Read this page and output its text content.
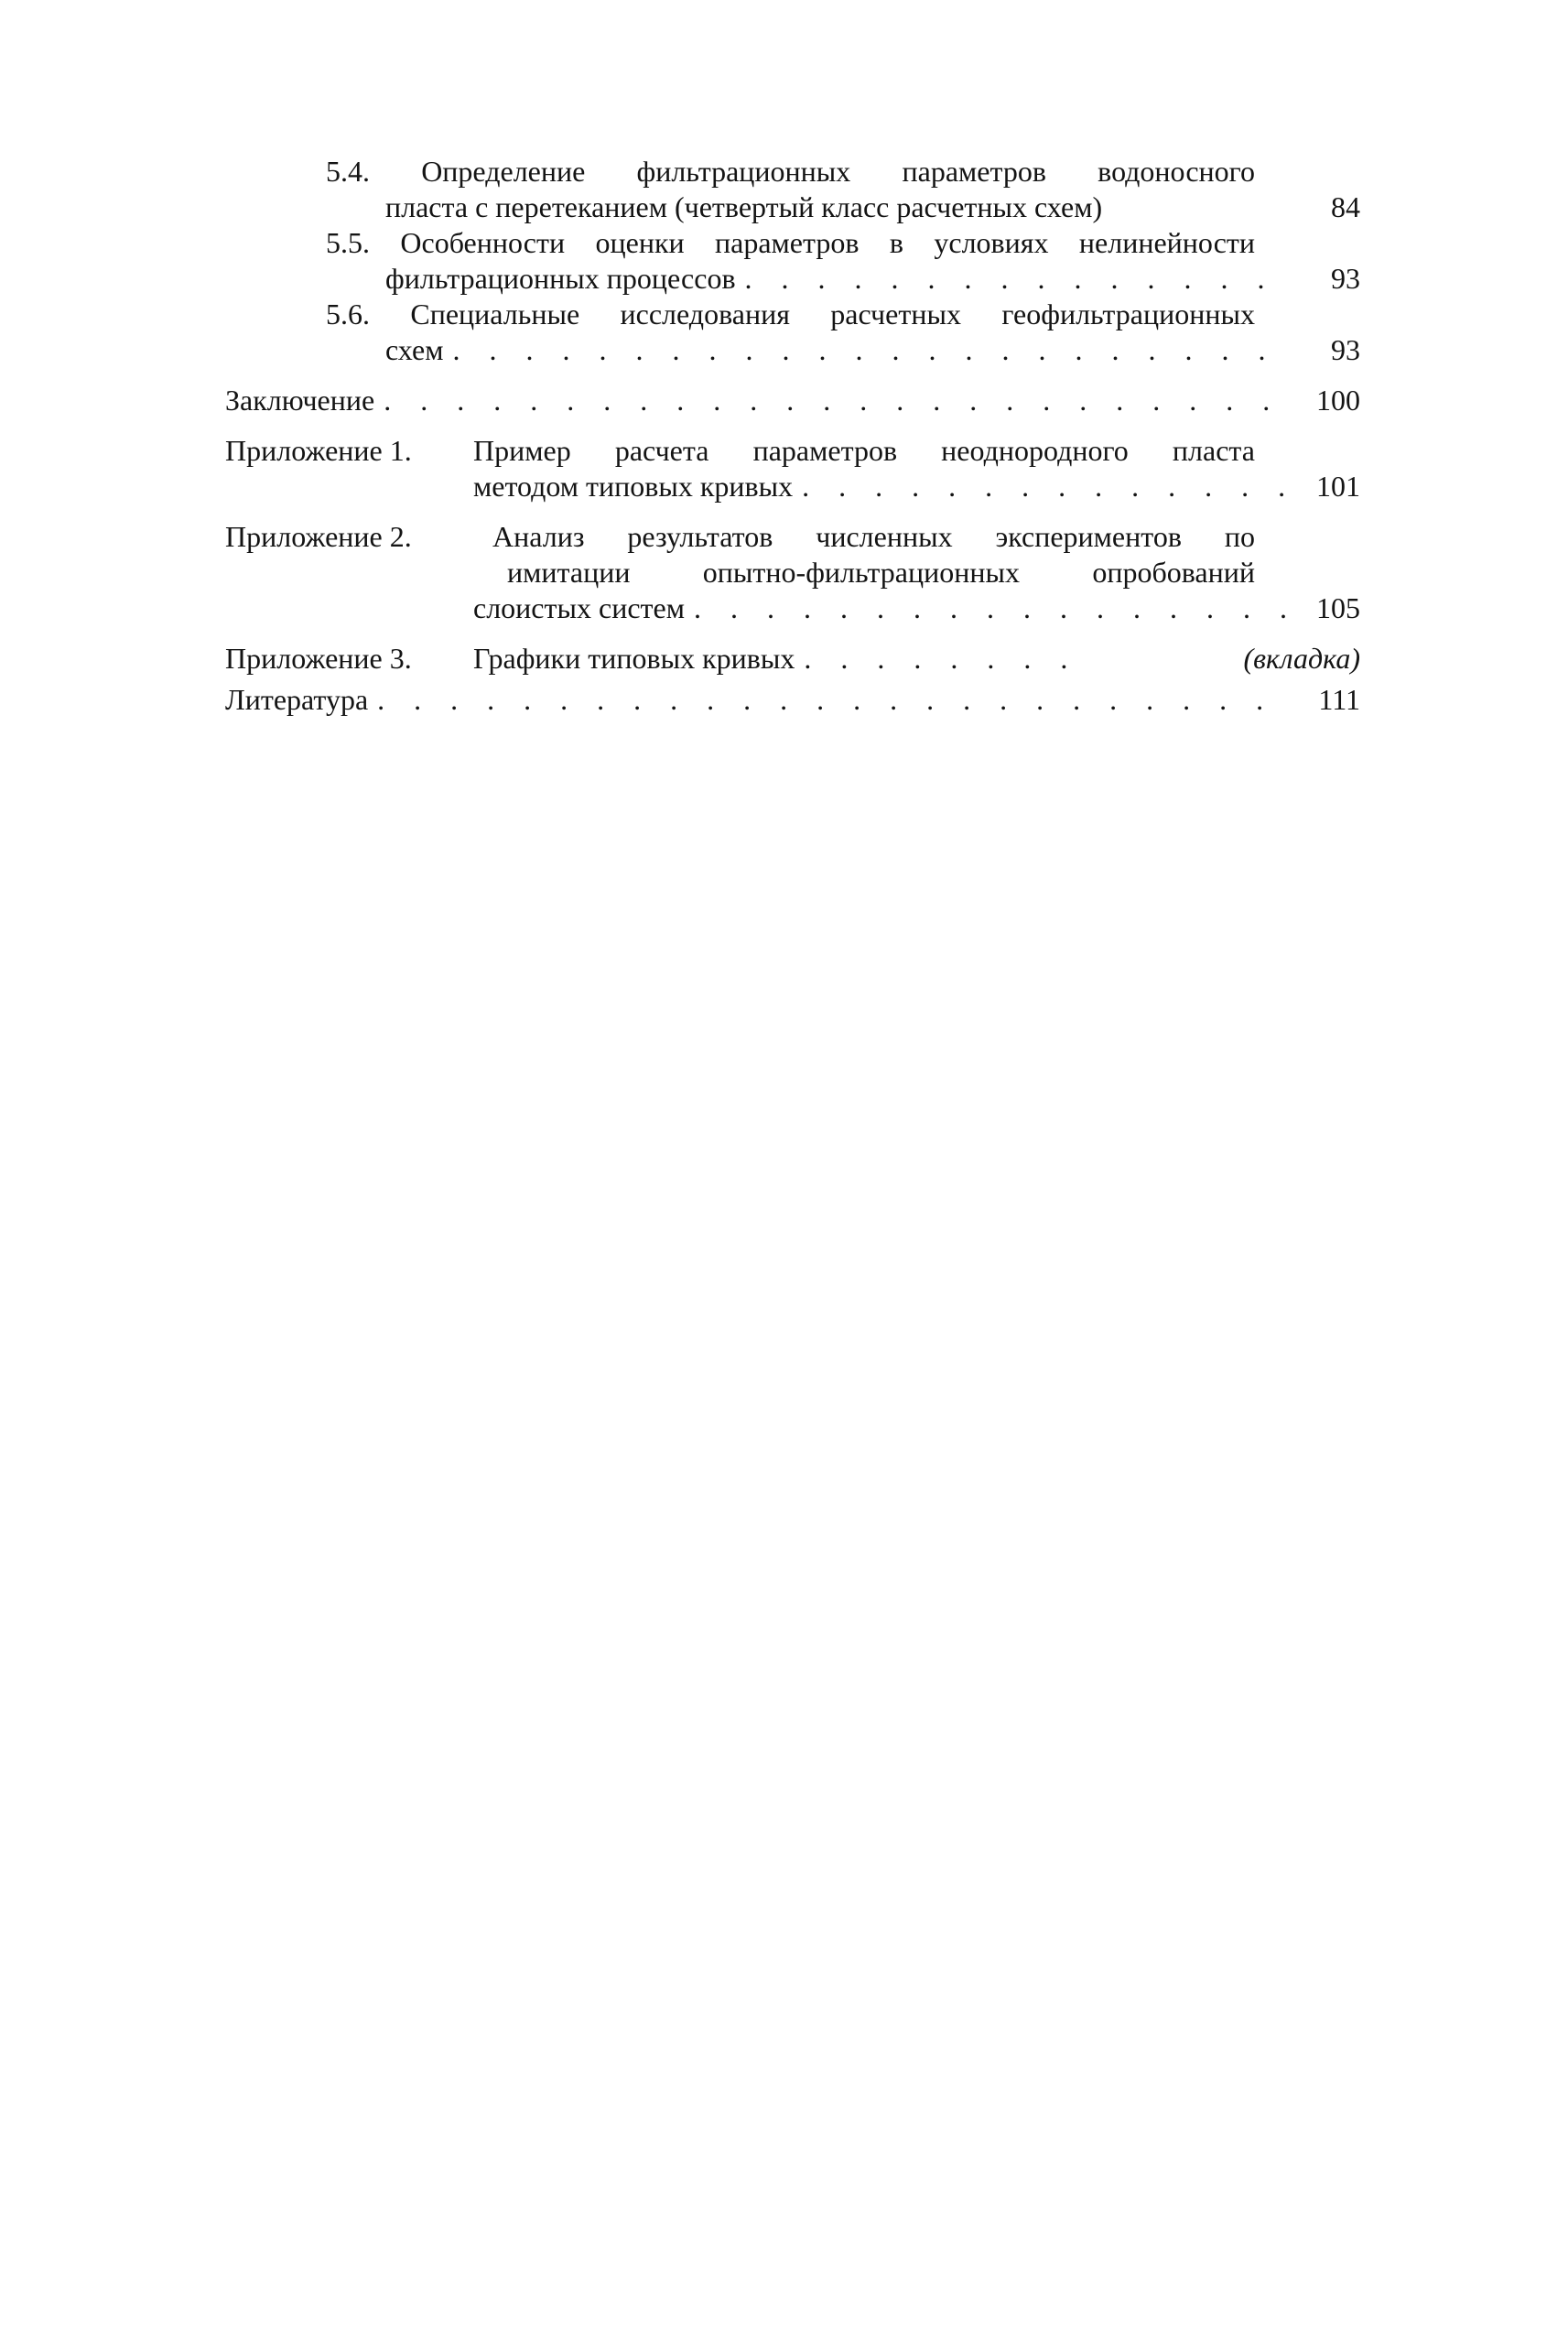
5.4. Определение фильтрационных параметров водоносного
пласта с перетеканием (четвертый класс расчетных схем)	84
5.5. Особенности оценки параметров в условиях нелинейности
фильтрационных процессов . . .	93
5.6. Специальные исследования расчетных геофильтрационных
схем . . .	93
Заключение . . .	100
Приложение 1.	Пример расчета параметров неоднородного пласта
методом типовых кривых . . .	101
Приложение 2.	Анализ результатов численных экспериментов по
имитации опытно-фильтрационных опробований
слоистых систем . . .	105
Приложение 3.	Графики типовых кривых . . .	(вкладка)
Литература . . .	111
